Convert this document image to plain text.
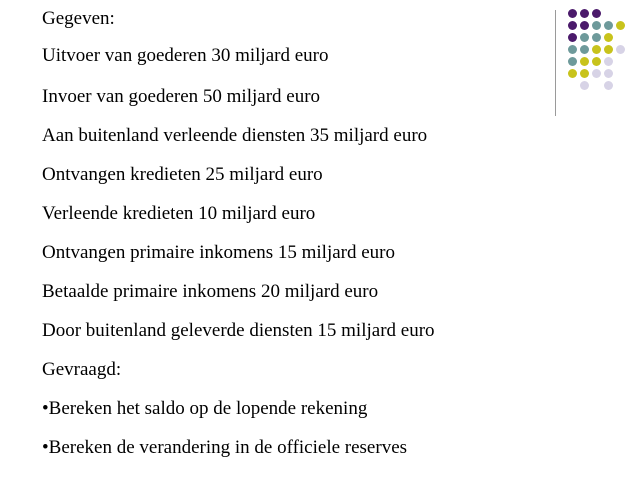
Gegeven:
Uitvoer van goederen 30 miljard euro
Invoer van goederen 50 miljard euro
Aan buitenland verleende diensten 35 miljard euro
Ontvangen kredieten 25 miljard euro
Verleende kredieten 10 miljard euro
Ontvangen primaire inkomens 15 miljard euro
Betaalde primaire inkomens 20 miljard euro
Door buitenland geleverde diensten 15 miljard euro
Gevraagd:
•Bereken het saldo op de lopende rekening
•Bereken de verandering in de officiele reserves
